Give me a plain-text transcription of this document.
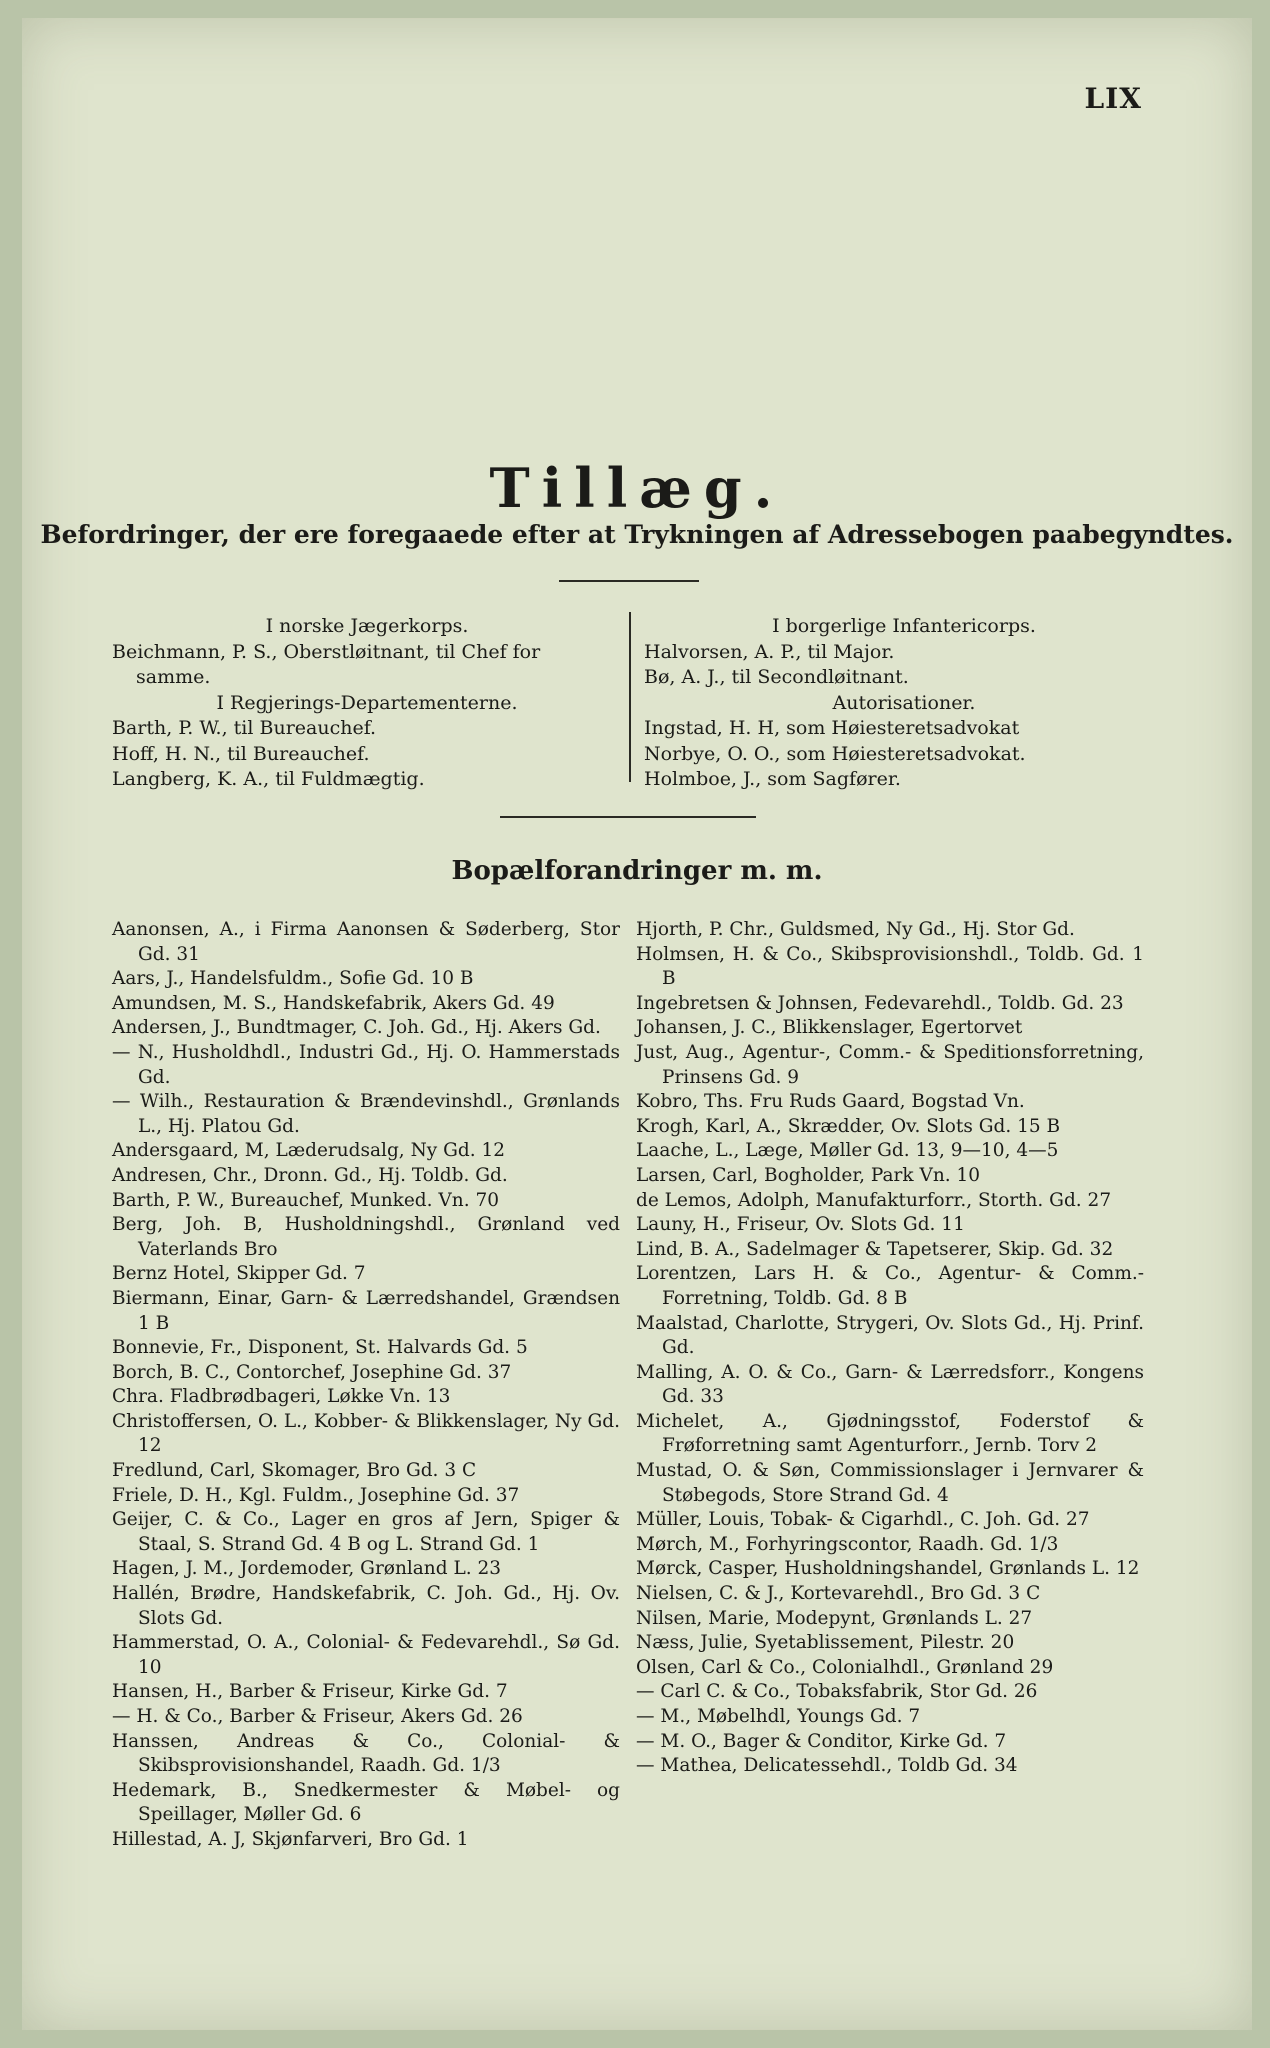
LIX
Tillæg.
Befordringer, der ere foregaaede efter at Trykningen af Adressebogen paabegyndtes.
I norske Jægerkorps.
Beichmann, P. S., Oberstløitnant, til Chef for
samme.
I Regjerings-Departementerne.
Barth, P. W., til Bureauchef.
Hoff, H. N., til Bureauchef.
Langberg, K. A., til Fuldmægtig.
I borgerlige Infantericorps.
Halvorsen, A. P., til Major.
Bø, A. J., til Secondløitnant.
Autorisationer.
Ingstad, H. H, som Høiesteretsadvokat
Norbye, O. O., som Høiesteretsadvokat.
Holmboe, J., som Sagfører.
Bopælforandringer m. m.
Aanonsen, A., i Firma Aanonsen & Søderberg, Stor Gd. 31
Aars, J., Handelsfuldm., Sofie Gd. 10 B
Amundsen, M. S., Handskefabrik, Akers Gd. 49
Andersen, J., Bundtmager, C. Joh. Gd., Hj. Akers Gd.
— N., Husholdhdl., Industri Gd., Hj. O. Hammerstads Gd.
— Wilh., Restauration & Brændevinshdl., Grønlands L., Hj. Platou Gd.
Andersgaard, M, Læderudsalg, Ny Gd. 12
Andresen, Chr., Dronn. Gd., Hj. Toldb. Gd.
Barth, P. W., Bureauchef, Munked. Vn. 70
Berg, Joh. B, Husholdningshdl., Grønland ved Vaterlands Bro
Bernz Hotel, Skipper Gd. 7
Biermann, Einar, Garn- & Lærredshandel, Grændsen 1 B
Bonnevie, Fr., Disponent, St. Halvards Gd. 5
Borch, B. C., Contorchef, Josephine Gd. 37
Chra. Fladbrødbageri, Løkke Vn. 13
Christoffersen, O. L., Kobber- & Blikkenslager, Ny Gd. 12
Fredlund, Carl, Skomager, Bro Gd. 3 C
Friele, D. H., Kgl. Fuldm., Josephine Gd. 37
Geijer, C. & Co., Lager en gros af Jern, Spiger & Staal, S. Strand Gd. 4 B og L. Strand Gd. 1
Hagen, J. M., Jordemoder, Grønland L. 23
Hallén, Brødre, Handskefabrik, C. Joh. Gd., Hj. Ov. Slots Gd.
Hammerstad, O. A., Colonial- & Fedevarehdl., Sø Gd. 10
Hansen, H., Barber & Friseur, Kirke Gd. 7
— H. & Co., Barber & Friseur, Akers Gd. 26
Hanssen, Andreas & Co., Colonial- & Skibsprovisionshandel, Raadh. Gd. 1/3
Hedemark, B., Snedkermester & Møbel- og Speillager, Møller Gd. 6
Hillestad, A. J, Skjønfarveri, Bro Gd. 1
Hjorth, P. Chr., Guldsmed, Ny Gd., Hj. Stor Gd.
Holmsen, H. & Co., Skibsprovisionshdl., Toldb. Gd. 1 B
Ingebretsen & Johnsen, Fedevarehdl., Toldb. Gd. 23
Johansen, J. C., Blikkenslager, Egertorvet
Just, Aug., Agentur-, Comm.- & Speditionsforretning, Prinsens Gd. 9
Kobro, Ths. Fru Ruds Gaard, Bogstad Vn.
Krogh, Karl, A., Skrædder, Ov. Slots Gd. 15 B
Laache, L., Læge, Møller Gd. 13, 9—10, 4—5
Larsen, Carl, Bogholder, Park Vn. 10
de Lemos, Adolph, Manufakturforr., Storth. Gd. 27
Launy, H., Friseur, Ov. Slots Gd. 11
Lind, B. A., Sadelmager & Tapetserer, Skip. Gd. 32
Lorentzen, Lars H. & Co., Agentur- & Comm.-Forretning, Toldb. Gd. 8 B
Maalstad, Charlotte, Strygeri, Ov. Slots Gd., Hj. Prinf. Gd.
Malling, A. O. & Co., Garn- & Lærredsforr., Kongens Gd. 33
Michelet, A., Gjødningsstof, Foderstof & Frøforretning samt Agenturforr., Jernb. Torv 2
Mustad, O. & Søn, Commissionslager i Jernvarer & Støbegods, Store Strand Gd. 4
Müller, Louis, Tobak- & Cigarhdl., C. Joh. Gd. 27
Mørch, M., Forhyringscontor, Raadh. Gd. 1/3
Mørck, Casper, Husholdningshandel, Grønlands L. 12
Nielsen, C. & J., Kortevarehdl., Bro Gd. 3 C
Nilsen, Marie, Modepynt, Grønlands L. 27
Næss, Julie, Syetablissement, Pilestr. 20
Olsen, Carl & Co., Colonialhdl., Grønland 29
— Carl C. & Co., Tobaksfabrik, Stor Gd. 26
— M., Møbelhdl, Youngs Gd. 7
— M. O., Bager & Conditor, Kirke Gd. 7
— Mathea, Delicatessehdl., Toldb Gd. 34
